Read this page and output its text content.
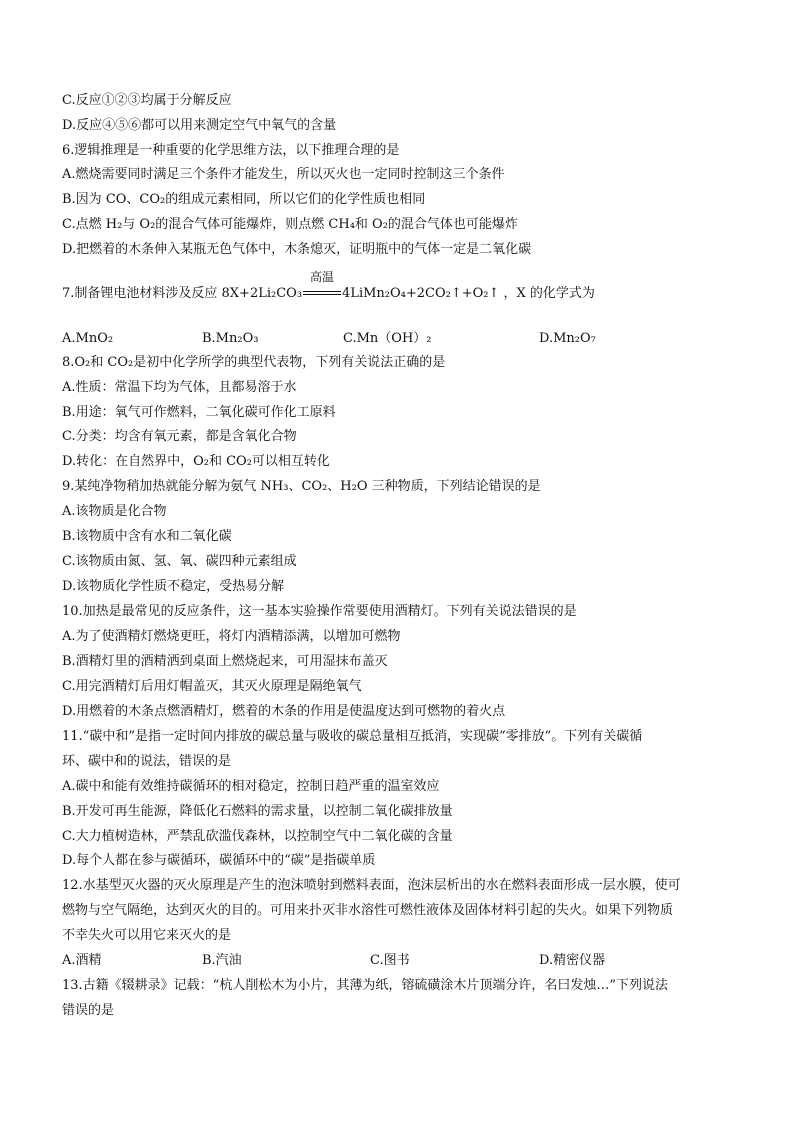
C.反应①②③均属于分解反应
D.反应④⑤⑥都可以用来测定空气中氧气的含量
6.逻辑推理是一种重要的化学思维方法，以下推理合理的是
A.燃烧需要同时满足三个条件才能发生，所以灭火也一定同时控制这三个条件
B.因为 CO、CO₂的组成元素相同，所以它们的化学性质也相同
C.点燃 H₂与 O₂的混合气体可能爆炸，则点燃 CH₄和 O₂的混合气体也可能爆炸
D.把燃着的木条伸入某瓶无色气体中，木条熄灭，证明瓶中的气体一定是二氧化碳
7.制备锂电池材料涉及反应 8X+2Li₂CO₃
高温
4LiMn₂O₄+2CO₂↑+O₂↑ ，X 的化学式为
A.MnO₂	B.Mn₂O₃	C.Mn（OH）₂	D.Mn₂O₇
8.O₂和 CO₂是初中化学所学的典型代表物，下列有关说法正确的是
A.性质：常温下均为气体，且都易溶于水
B.用途：氧气可作燃料，二氧化碳可作化工原料
C.分类：均含有氧元素，都是含氧化合物
D.转化：在自然界中，O₂和 CO₂可以相互转化
9.某纯净物稍加热就能分解为氨气 NH₃、CO₂、H₂O 三种物质，下列结论错误的是
A.该物质是化合物
B.该物质中含有水和二氧化碳
C.该物质由氮、氢、氧、碳四种元素组成
D.该物质化学性质不稳定，受热易分解
10.加热是最常见的反应条件，这一基本实验操作常要使用酒精灯。下列有关说法错误的是
A.为了使酒精灯燃烧更旺，将灯内酒精添满，以增加可燃物
B.酒精灯里的酒精洒到桌面上燃烧起来，可用湿抹布盖灭
C.用完酒精灯后用灯帽盖灭，其灭火原理是隔绝氧气
D.用燃着的木条点燃酒精灯，燃着的木条的作用是使温度达到可燃物的着火点
11.“碳中和”是指一定时间内排放的碳总量与吸收的碳总量相互抵消，实现碳“零排放”。下列有关碳循
环、碳中和的说法，错误的是
A.碳中和能有效维持碳循环的相对稳定，控制日趋严重的温室效应
B.开发可再生能源，降低化石燃料的需求量，以控制二氧化碳排放量
C.大力植树造林，严禁乱砍滥伐森林，以控制空气中二氧化碳的含量
D.每个人都在参与碳循环，碳循环中的“碳”是指碳单质
12.水基型灭火器的灭火原理是产生的泡沫喷射到燃料表面，泡沫层析出的水在燃料表面形成一层水膜，使可
燃物与空气隔绝，达到灭火的目的。可用来扑灭非水溶性可燃性液体及固体材料引起的失火。如果下列物质
不幸失火可以用它来灭火的是
A.酒精	B.汽油	C.图书	D.精密仪器
13.古籍《辍耕录》记载：“杭人削松木为小片，其薄为纸，镕硫磺涂木片顶端分许，名曰发烛…”下列说法
错误的是
